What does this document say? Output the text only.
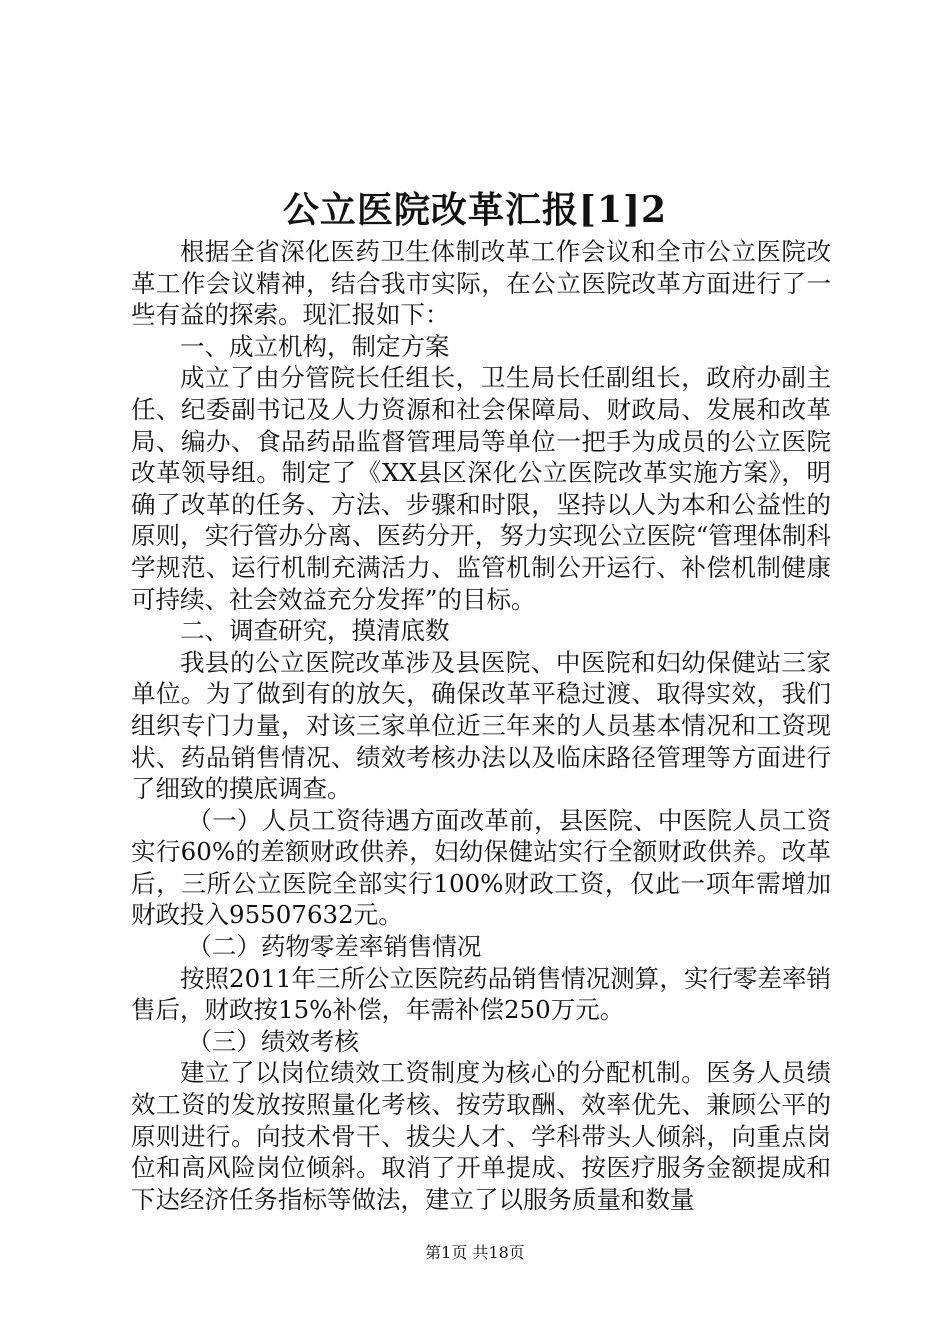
公立医院改革汇报[1]2

根据全省深化医药卫生体制改革工作会议和全市公立医院改革工作会议精神，结合我市实际，在公立医院改革方面进行了一些有益的探索。现汇报如下：

一、成立机构，制定方案

成立了由分管院长任组长，卫生局长任副组长，政府办副主任、纪委副书记及人力资源和社会保障局、财政局、发展和改革局、编办、食品药品监督管理局等单位一把手为成员的公立医院改革领导组。制定了《XX县区深化公立医院改革实施方案》，明确了改革的任务、方法、步骤和时限，坚持以人为本和公益性的原则，实行管办分离、医药分开，努力实现公立医院“管理体制科学规范、运行机制充满活力、监管机制公开运行、补偿机制健康可持续、社会效益充分发挥”的目标。

二、调查研究，摸清底数

我县的公立医院改革涉及县医院、中医院和妇幼保健站三家单位。为了做到有的放矢，确保改革平稳过渡、取得实效，我们组织专门力量，对该三家单位近三年来的人员基本情况和工资现状、药品销售情况、绩效考核办法以及临床路径管理等方面进行了细致的摸底调查。

（一）人员工资待遇方面改革前，县医院、中医院人员工资实行60%的差额财政供养，妇幼保健站实行全额财政供养。改革后，三所公立医院全部实行100%财政工资，仅此一项年需增加财政投入95507632元。

（二）药物零差率销售情况

按照2011年三所公立医院药品销售情况测算，实行零差率销售后，财政按15%补偿，年需补偿250万元。

（三）绩效考核

建立了以岗位绩效工资制度为核心的分配机制。医务人员绩效工资的发放按照量化考核、按劳取酬、效率优先、兼顾公平的原则进行。向技术骨干、拔尖人才、学科带头人倾斜，向重点岗位和高风险岗位倾斜。取消了开单提成、按医疗服务金额提成和下达经济任务指标等做法，建立了以服务质量和数量

第1页 共18页
